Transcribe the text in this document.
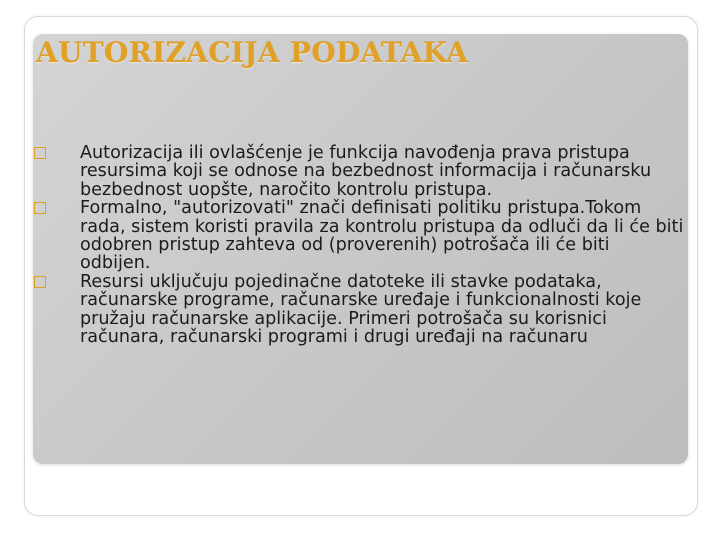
AUTORIZACIJA PODATAKA
Autorizacija ili ovlašćenje je funkcija navođenja prava pristupa resursima koji se odnose na bezbednost informacija i računarsku bezbednost uopšte, naročito kontrolu pristupa.
Formalno, "autorizovati" znači definisati politiku pristupa.Tokom rada, sistem koristi pravila za kontrolu pristupa da odluči da li će biti odobren pristup zahteva od (proverenih) potrošača ili će biti odbijen.
Resursi uključuju pojedinačne datoteke ili stavke podataka, računarske programe, računarske uređaje i funkcionalnosti koje pružaju računarske aplikacije. Primeri potrošača su korisnici računara, računarski programi i drugi uređaji na računaru
